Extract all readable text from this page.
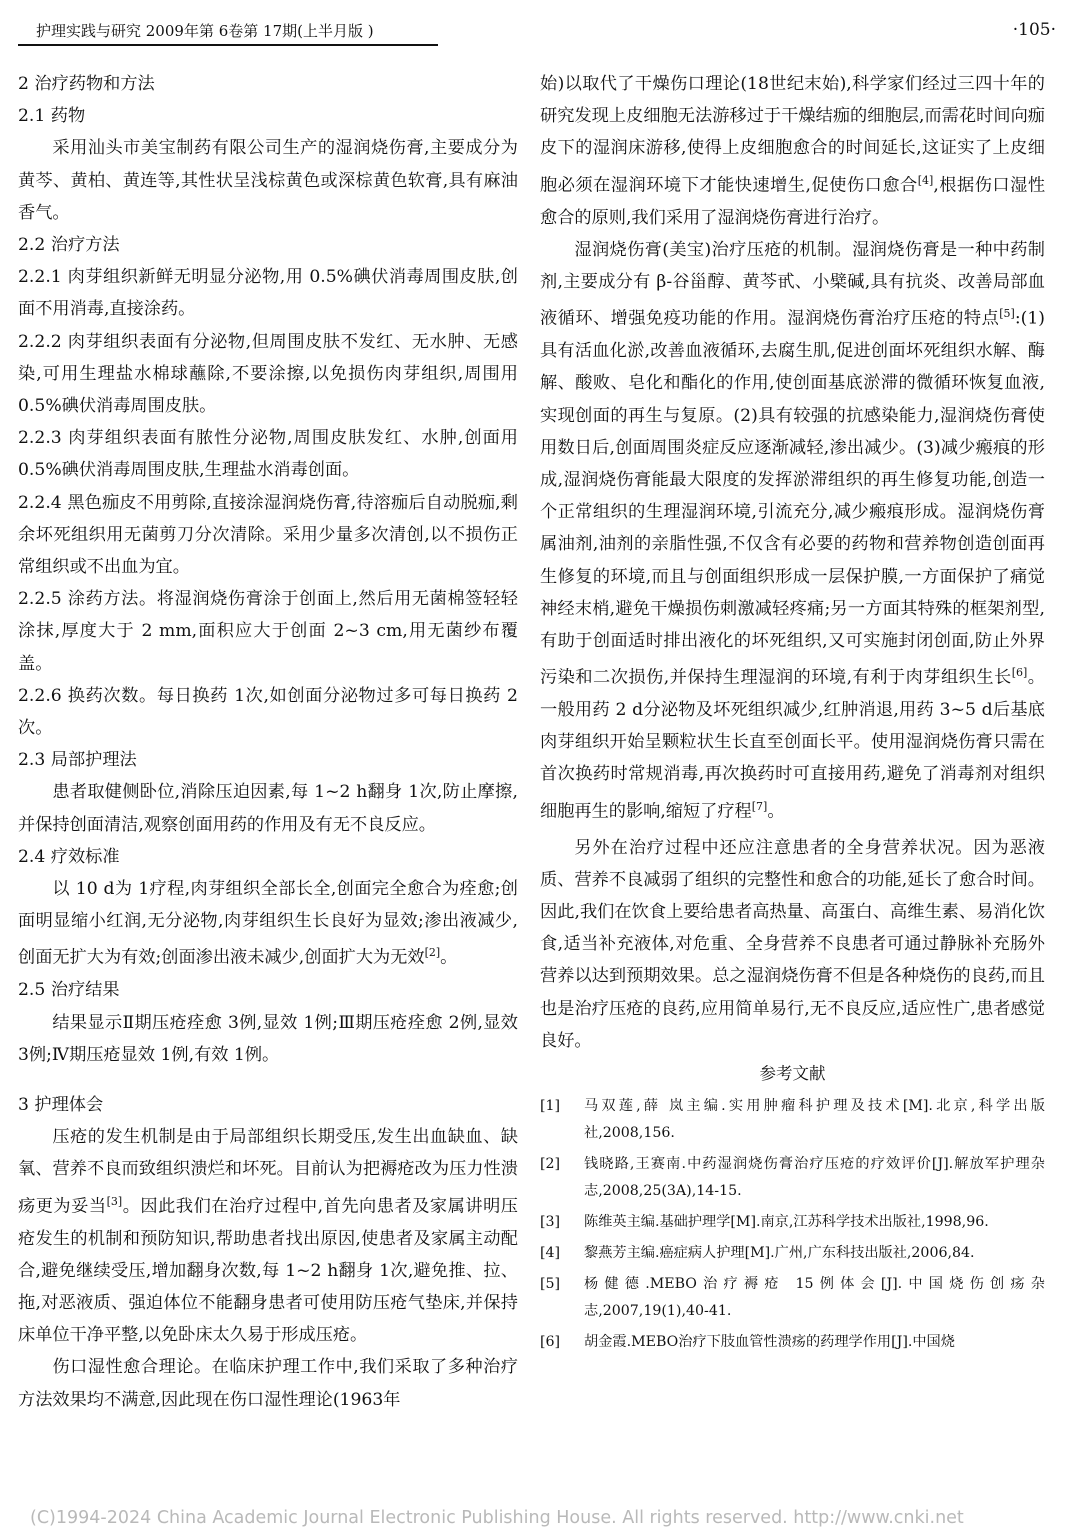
护理实践与研究 2009年第 6卷第 17期(上半月版 )	·105·

2 治疗药物和方法

2.1 药物

采用汕头市美宝制药有限公司生产的湿润烧伤膏,主要成分为黄芩、黄柏、黄连等,其性状呈浅棕黄色或深棕黄色软膏,具有麻油香气。

2.2 治疗方法

2.2.1 肉芽组织新鲜无明显分泌物,用 0.5%碘伏消毒周围皮肤,创面不用消毒,直接涂药。

2.2.2 肉芽组织表面有分泌物,但周围皮肤不发红、无水肿、无感染,可用生理盐水棉球蘸除,不要涂擦,以免损伤肉芽组织,周围用 0.5%碘伏消毒周围皮肤。

2.2.3 肉芽组织表面有脓性分泌物,周围皮肤发红、水肿,创面用 0.5%碘伏消毒周围皮肤,生理盐水消毒创面。

2.2.4 黑色痂皮不用剪除,直接涂湿润烧伤膏,待溶痂后自动脱痂,剩余坏死组织用无菌剪刀分次清除。采用少量多次清创,以不损伤正常组织或不出血为宜。

2.2.5 涂药方法。将湿润烧伤膏涂于创面上,然后用无菌棉签轻轻涂抹,厚度大于 2 mm,面积应大于创面 2~3 cm,用无菌纱布覆盖。

2.2.6 换药次数。每日换药 1次,如创面分泌物过多可每日换药 2次。

2.3 局部护理法

患者取健侧卧位,消除压迫因素,每 1~2 h翻身 1次,防止摩擦,并保持创面清洁,观察创面用药的作用及有无不良反应。

2.4 疗效标准

以 10 d为 1疗程,肉芽组织全部长全,创面完全愈合为痊愈;创面明显缩小红润,无分泌物,肉芽组织生长良好为显效;渗出液减少,创面无扩大为有效;创面渗出液未减少,创面扩大为无效[2]。

2.5 治疗结果

结果显示Ⅱ期压疮痊愈 3例,显效 1例;Ⅲ期压疮痊愈 2例,显效 3例;Ⅳ期压疮显效 1例,有效 1例。

3 护理体会

压疮的发生机制是由于局部组织长期受压,发生出血缺血、缺氧、营养不良而致组织溃烂和坏死。目前认为把褥疮改为压力性溃疡更为妥当[3]。因此我们在治疗过程中,首先向患者及家属讲明压疮发生的机制和预防知识,帮助患者找出原因,使患者及家属主动配合,避免继续受压,增加翻身次数,每 1~2 h翻身 1次,避免推、拉、拖,对恶液质、强迫体位不能翻身患者可使用防压疮气垫床,并保持床单位干净平整,以免卧床太久易于形成压疮。

伤口湿性愈合理论。在临床护理工作中,我们采取了多种治疗方法效果均不满意,因此现在伤口湿性理论(1963年

始)以取代了干燥伤口理论(18世纪末始),科学家们经过三四十年的研究发现上皮细胞无法游移过于干燥结痂的细胞层,而需花时间向痂皮下的湿润床游移,使得上皮细胞愈合的时间延长,这证实了上皮细胞必须在湿润环境下才能快速增生,促使伤口愈合[4],根据伤口湿性愈合的原则,我们采用了湿润烧伤膏进行治疗。

湿润烧伤膏(美宝)治疗压疮的机制。湿润烧伤膏是一种中药制剂,主要成分有 β-谷甾醇、黄芩甙、小檗碱,具有抗炎、改善局部血液循环、增强免疫功能的作用。湿润烧伤膏治疗压疮的特点[5]:(1)具有活血化淤,改善血液循环,去腐生肌,促进创面坏死组织水解、酶解、酸败、皂化和酯化的作用,使创面基底淤滞的微循环恢复血液,实现创面的再生与复原。(2)具有较强的抗感染能力,湿润烧伤膏使用数日后,创面周围炎症反应逐渐减轻,渗出减少。(3)减少瘢痕的形成,湿润烧伤膏能最大限度的发挥淤滞组织的再生修复功能,创造一个正常组织的生理湿润环境,引流充分,减少瘢痕形成。湿润烧伤膏属油剂,油剂的亲脂性强,不仅含有必要的药物和营养物创造创面再生修复的环境,而且与创面组织形成一层保护膜,一方面保护了痛觉神经末梢,避免干燥损伤刺激减轻疼痛;另一方面其特殊的框架剂型,有助于创面适时排出液化的坏死组织,又可实施封闭创面,防止外界污染和二次损伤,并保持生理湿润的环境,有利于肉芽组织生长[6]。一般用药 2 d分泌物及坏死组织减少,红肿消退,用药 3~5 d后基底肉芽组织开始呈颗粒状生长直至创面长平。使用湿润烧伤膏只需在首次换药时常规消毒,再次换药时可直接用药,避免了消毒剂对组织细胞再生的影响,缩短了疗程[7]。

另外在治疗过程中还应注意患者的全身营养状况。因为恶液质、营养不良减弱了组织的完整性和愈合的功能,延长了愈合时间。因此,我们在饮食上要给患者高热量、高蛋白、高维生素、易消化饮食,适当补充液体,对危重、全身营养不良患者可通过静脉补充肠外营养以达到预期效果。总之湿润烧伤膏不但是各种烧伤的良药,而且也是治疗压疮的良药,应用简单易行,无不良反应,适应性广,患者感觉良好。

参考文献
[1] 马双莲,薛 岚主编.实用肿瘤科护理及技术[M].北京,科学出版社,2008,156.
[2] 钱晓路,王赛南.中药湿润烧伤膏治疗压疮的疗效评价[J].解放军护理杂志,2008,25(3A),14-15.
[3] 陈维英主编.基础护理学[M].南京,江苏科学技术出版社,1998,96.
[4] 黎燕芳主编.癌症病人护理[M].广州,广东科技出版社,2006,84.
[5] 杨健德.MEBO治疗褥疮 15例体会[J].中国烧伤创疡杂志,2007,19(1),40-41.
[6] 胡金霞.MEBO治疗下肢血管性溃疡的药理学作用[J].中国烧
(C)1994-2024 China Academic Journal Electronic Publishing House. All rights reserved. http://www.cnki.net
